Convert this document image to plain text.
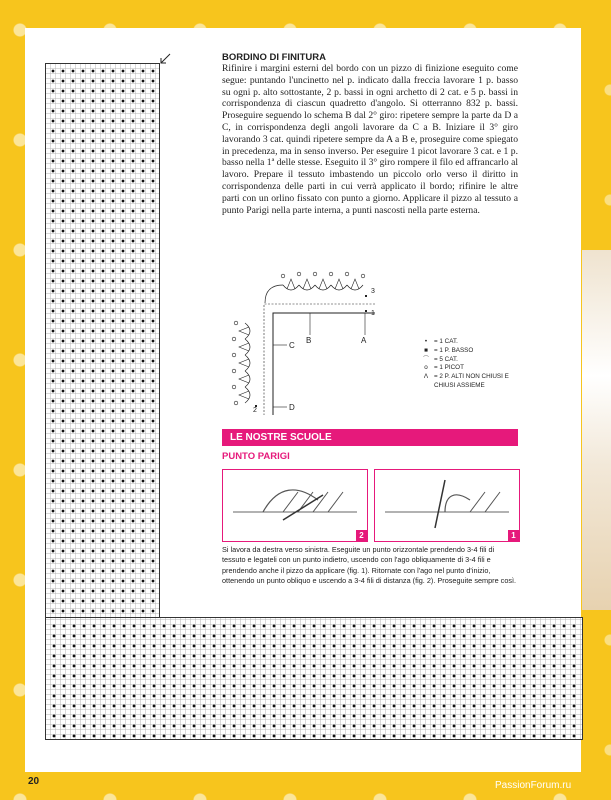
BORDINO DI FINITURA
Rifinire i margini esterni del bordo con un pizzo di finizione eseguito come segue: puntando l'uncinetto nel p. indicato dalla freccia lavorare 1 p. basso su ogni p. alto sottostante, 2 p. bassi in ogni archetto di 2 cat. e 5 p. bassi in corrispondenza di ciascun quadretto d'angolo. Si otterranno 832 p. bassi. Proseguire seguendo lo schema B dal 2° giro: ripetere sempre la parte da D a C, in corrispondenza degli angoli lavorare da C a B. Iniziare il 3° giro lavorando 3 cat. quindi ripetere sempre da A a B e, proseguire come spiegato in precedenza, ma in senso inverso. Per eseguire 1 picot lavorare 3 cat. e 1 p. basso nella 1ª delle stesse. Eseguito il 3° giro rompere il filo ed affrancarlo al lavoro. Prepare il tessuto imbastendo un piccolo orlo verso il diritto in corrispondenza delle parti in cui verrà applicato il bordo; rifinire le altre parti con un orlino fissato con punto a giorno. Applicare il pizzo al tessuto a punto Parigi nella parte interna, a punti nascosti nella parte esterna.
B	A
C
D
3
1
2
•	= 1 CAT.
■ = 1 P. BASSO
⌒ = 5 CAT.
ο = 1 PICOT
Λ = 2 P. ALTI NON CHIUSI E CHIUSI ASSIEME
LE NOSTRE SCUOLE
PUNTO PARIGI
2	1
Si lavora da destra verso sinistra. Eseguite un punto orizzontale prendendo 3-4 fili di tessuto e legateli con un punto indietro, uscendo con l'ago obliquamente di 3-4 fili e prendendo anche il pizzo da applicare (fig. 1). Ritornate con l'ago nel punto d'inizio, ottenendo un punto obliquo e uscendo a 3-4 fili di distanza (fig. 2). Proseguite sempre così.
20	PassionForum.ru
